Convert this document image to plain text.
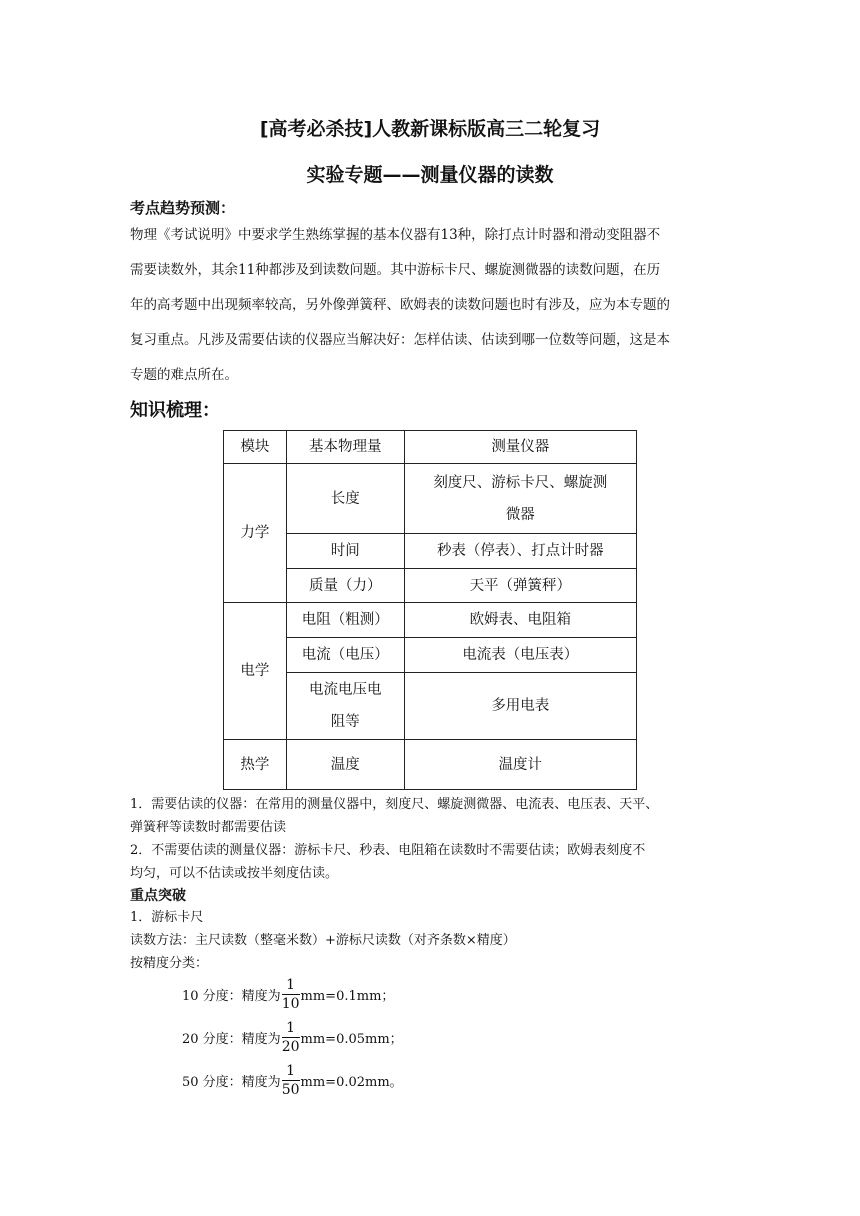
[高考必杀技]人教新课标版高三二轮复习
实验专题——测量仪器的读数
考点趋势预测：
物理《考试说明》中要求学生熟练掌握的基本仪器有13种，除打点计时器和滑动变阻器不
需要读数外，其余11种都涉及到读数问题。其中游标卡尺、螺旋测微器的读数问题，在历
年的高考题中出现频率较高，另外像弹簧秤、欧姆表的读数问题也时有涉及，应为本专题的
复习重点。凡涉及需要估读的仪器应当解决好：怎样估读、估读到哪一位数等问题，这是本
专题的难点所在。
知识梳理：
模块	基本物理量	测量仪器
力学	长度	刻度尺、游标卡尺、螺旋测
微器

	时间	秒表（停表）、打点计时器
	质量（力）	天平（弹簧秤）
电学	电阻（粗测）	欧姆表、电阻箱
	电流（电压）	电流表（电压表）

	电流电压电
阻等	多用电表
热学	温度	温度计
1．需要估读的仪器：在常用的测量仪器中，刻度尺、螺旋测微器、电流表、电压表、天平、
弹簧秤等读数时都需要估读
2．不需要估读的测量仪器：游标卡尺、秒表、电阻箱在读数时不需要估读；欧姆表刻度不
均匀，可以不估读或按半刻度估读。
重点突破
1．游标卡尺
读数方法：主尺读数（整毫米数）+游标尺读数（对齐条数×精度）
按精度分类：
10 分度：精度为 $\frac{1}{10} mm=0.1mm$；
20 分度：精度为 $\frac{1}{20} mm=0.05mm$；
50 分度：精度为 $\frac{1}{50} mm=0.02mm$。
